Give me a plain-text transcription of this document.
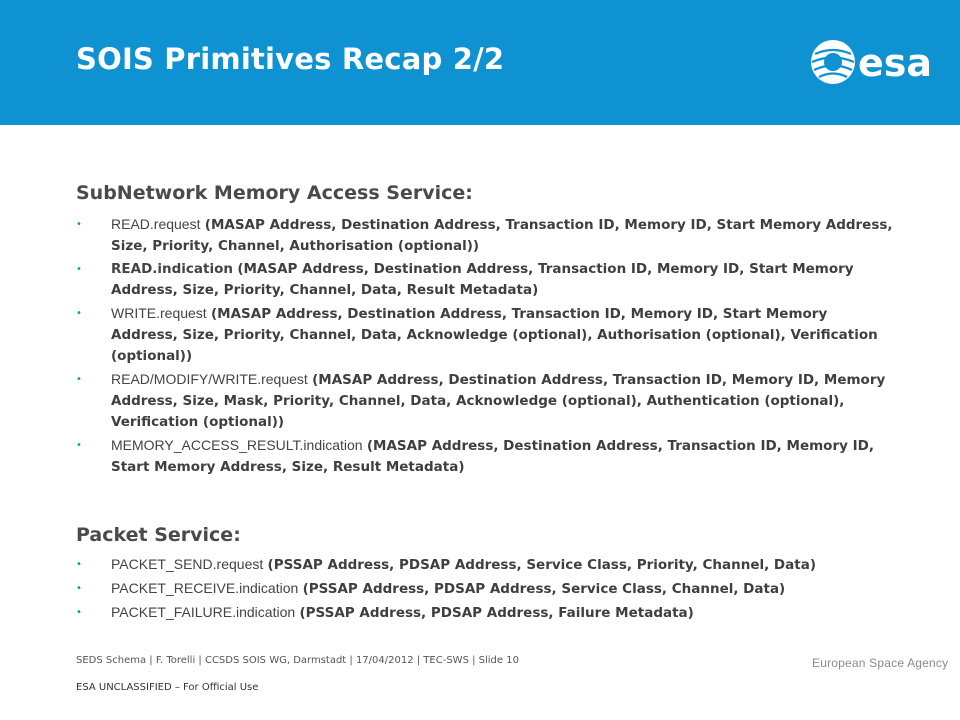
SOIS Primitives Recap 2/2	esa
SubNetwork Memory Access Service:
• READ.request (MASAP Address, Destination Address, Transaction ID, Memory ID, Start Memory Address, Size, Priority, Channel, Authorisation (optional))
• READ.indication (MASAP Address, Destination Address, Transaction ID, Memory ID, Start Memory Address, Size, Priority, Channel, Data, Result Metadata)
• WRITE.request (MASAP Address, Destination Address, Transaction ID, Memory ID, Start Memory Address, Size, Priority, Channel, Data, Acknowledge (optional), Authorisation (optional), Verification (optional))
• READ/MODIFY/WRITE.request (MASAP Address, Destination Address, Transaction ID, Memory ID, Memory Address, Size, Mask, Priority, Channel, Data, Acknowledge (optional), Authentication (optional), Verification (optional))
• MEMORY_ACCESS_RESULT.indication (MASAP Address, Destination Address, Transaction ID, Memory ID, Start Memory Address, Size, Result Metadata)
Packet Service:
• PACKET_SEND.request (PSSAP Address, PDSAP Address, Service Class, Priority, Channel, Data)
• PACKET_RECEIVE.indication (PSSAP Address, PDSAP Address, Service Class, Channel, Data)
• PACKET_FAILURE.indication (PSSAP Address, PDSAP Address, Failure Metadata)
SEDS Schema | F. Torelli | CCSDS SOIS WG, Darmstadt | 17/04/2012 | TEC-SWS | Slide 10	European Space Agency
ESA UNCLASSIFIED – For Official Use
